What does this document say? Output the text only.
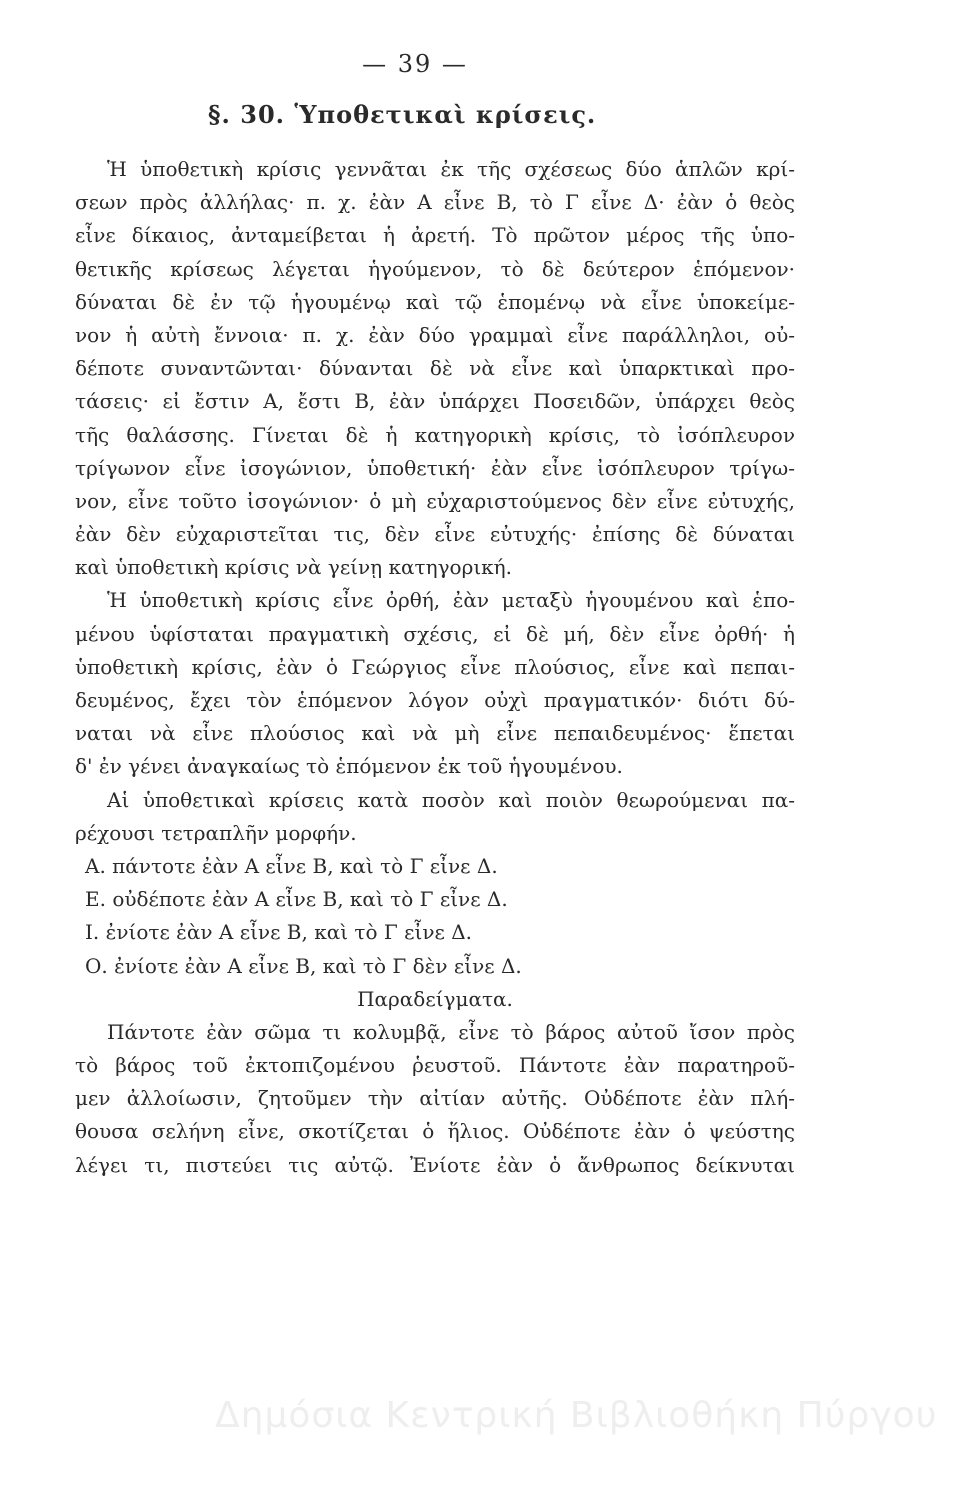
— 39 —
§. 30. Ὑποθετικαὶ κρίσεις.
Ἡ ὑποθετικὴ κρίσις γεννᾶται ἐκ τῆς σχέσεως δύο ἁπλῶν κρί-
σεων πρὸς ἀλλήλας· π. χ. ἐὰν Α εἶνε Β, τὸ Γ εἶνε Δ· ἐὰν ὁ θεὸς
εἶνε δίκαιος, ἀνταμείβεται ἡ ἀρετή. Τὸ πρῶτον μέρος τῆς ὑπο-
θετικῆς κρίσεως λέγεται ἡγούμενον, τὸ δὲ δεύτερον ἑπόμενον·
δύναται δὲ ἐν τῷ ἡγουμένῳ καὶ τῷ ἑπομένῳ νὰ εἶνε ὑποκείμε-
νον ἡ αὐτὴ ἔννοια· π. χ. ἐὰν δύο γραμμαὶ εἶνε παράλληλοι, οὐ-
δέποτε συναντῶνται· δύνανται δὲ νὰ εἶνε καὶ ὑπαρκτικαὶ προ-
τάσεις· εἰ ἔστιν Α, ἔστι Β, ἐὰν ὑπάρχει Ποσειδῶν, ὑπάρχει θεὸς
τῆς θαλάσσης. Γίνεται δὲ ἡ κατηγορικὴ κρίσις, τὸ ἰσόπλευρον
τρίγωνον εἶνε ἰσογώνιον, ὑποθετική· ἐὰν εἶνε ἰσόπλευρον τρίγω-
νον, εἶνε τοῦτο ἰσογώνιον· ὁ μὴ εὐχαριστούμενος δὲν εἶνε εὐτυχής,
ἐὰν δὲν εὐχαριστεῖται τις, δὲν εἶνε εὐτυχής· ἐπίσης δὲ δύναται
καὶ ὑποθετικὴ κρίσις νὰ γείνῃ κατηγορική.
Ἡ ὑποθετικὴ κρίσις εἶνε ὀρθή, ἐὰν μεταξὺ ἡγουμένου καὶ ἑπο-
μένου ὑφίσταται πραγματικὴ σχέσις, εἰ δὲ μή, δὲν εἶνε ὀρθή· ἡ
ὑποθετικὴ κρίσις, ἐὰν ὁ Γεώργιος εἶνε πλούσιος, εἶνε καὶ πεπαι-
δευμένος, ἔχει τὸν ἑπόμενον λόγον οὐχὶ πραγματικόν· διότι δύ-
ναται νὰ εἶνε πλούσιος καὶ νὰ μὴ εἶνε πεπαιδευμένος· ἕπεται
δ' ἐν γένει ἀναγκαίως τὸ ἑπόμενον ἐκ τοῦ ἡγουμένου.
Αἱ ὑποθετικαὶ κρίσεις κατὰ ποσὸν καὶ ποιὸν θεωρούμεναι πα-
ρέχουσι τετραπλῆν μορφήν.
Α. πάντοτε ἐὰν Α εἶνε Β, καὶ τὸ Γ εἶνε Δ.
Ε. οὐδέποτε ἐὰν Α εἶνε Β, καὶ τὸ Γ εἶνε Δ.
Ι. ἐνίοτε ἐὰν Α εἶνε Β, καὶ τὸ Γ εἶνε Δ.
Ο. ἐνίοτε ἐὰν Α εἶνε Β, καὶ τὸ Γ δὲν εἶνε Δ.
Παραδείγματα.
Πάντοτε ἐὰν σῶμα τι κολυμβᾷ, εἶνε τὸ βάρος αὐτοῦ ἴσον πρὸς
τὸ βάρος τοῦ ἐκτοπιζομένου ῥευστοῦ. Πάντοτε ἐὰν παρατηροῦ-
μεν ἀλλοίωσιν, ζητοῦμεν τὴν αἰτίαν αὐτῆς. Οὐδέποτε ἐὰν πλή-
θουσα σελήνη εἶνε, σκοτίζεται ὁ ἥλιος. Οὐδέποτε ἐὰν ὁ ψεύστης
λέγει τι, πιστεύει τις αὐτῷ. Ἐνίοτε ἐὰν ὁ ἄνθρωπος δείκνυται
Δημόσια Κεντρική Βιβλιοθήκη Πύργου
